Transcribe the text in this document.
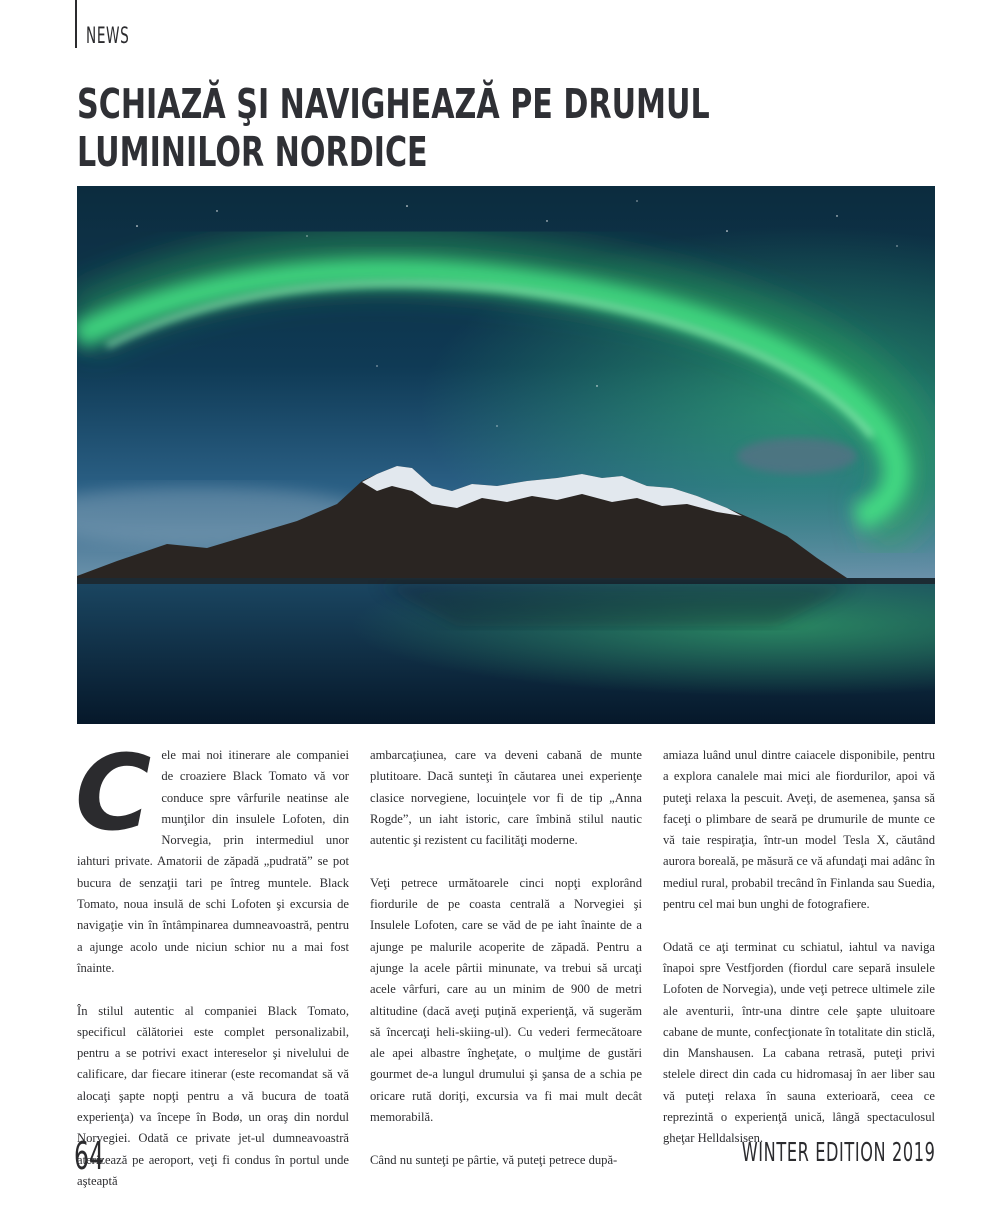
NEWS
SCHIAZĂ ŞI NAVIGHEAZĂ PE DRUMUL
LUMINILOR NORDICE

Cele mai noi itinerare ale companiei de croaziere Black Tomato vă vor conduce spre vârfurile neatinse ale munţilor din insulele Lofoten, din Norvegia, prin intermediul unor iahturi private. Amatorii de zăpadă „pudrată” se pot bucura de senzaţii tari pe întreg muntele. Black Tomato, noua insulă de schi Lofoten şi excursia de navigaţie vin în întâmpinarea dumneavoastră, pentru a ajunge acolo unde niciun schior nu a mai fost înainte.

În stilul autentic al companiei Black Tomato, specificul călătoriei este complet personalizabil, pentru a se potrivi exact intereselor şi nivelului de calificare, dar fiecare itinerar (este recomandat să vă alocaţi şapte nopţi pentru a vă bucura de toată experienţa) va începe în Bodø, un oraş din nordul Norvegiei. Odată ce private jet-ul dumneavoastră aterizează pe aeroport, veţi fi condus în portul unde aşteaptă

ambarcaţiunea, care va deveni cabană de munte plutitoare. Dacă sunteţi în căutarea unei experienţe clasice norvegiene, locuinţele vor fi de tip „Anna Rogde”, un iaht istoric, care îmbină stilul nautic autentic şi rezistent cu facilităţi moderne.

Veţi petrece următoarele cinci nopţi explorând fiordurile de pe coasta centrală a Norvegiei şi Insulele Lofoten, care se văd de pe iaht înainte de a ajunge pe malurile acoperite de zăpadă. Pentru a ajunge la acele pârtii minunate, va trebui să urcaţi acele vârfuri, care au un minim de 900 de metri altitudine (dacă aveţi puţină experienţă, vă sugerăm să încercaţi heli-skiing-ul). Cu vederi fermecătoare ale apei albastre îngheţate, o mulţime de gustări gourmet de-a lungul drumului şi şansa de a schia pe oricare rută doriţi, excursia va fi mai mult decât memorabilă.

Când nu sunteţi pe pârtie, vă puteţi petrece după-

amiaza luând unul dintre caiacele disponibile, pentru a explora canalele mai mici ale fiordurilor, apoi vă puteţi relaxa la pescuit. Aveţi, de asemenea, şansa să faceţi o plimbare de seară pe drumurile de munte ce vă taie respiraţia, într-un model Tesla X, căutând aurora boreală, pe măsură ce vă afundaţi mai adânc în mediul rural, probabil trecând în Finlanda sau Suedia, pentru cel mai bun unghi de fotografiere.

Odată ce aţi terminat cu schiatul, iahtul va naviga înapoi spre Vestfjorden (fiordul care separă insulele Lofoten de Norvegia), unde veţi petrece ultimele zile ale aventurii, într-una dintre cele şapte uluitoare cabane de munte, confecţionate în totalitate din sticlă, din Manshausen. La cabana retrasă, puteţi privi stelele direct din cada cu hidromasaj în aer liber sau vă puteţi relaxa în sauna exterioară, ceea ce reprezintă o experienţă unică, lângă spectaculosul gheţar Helldalsisen.

64	WINTER EDITION 2019
